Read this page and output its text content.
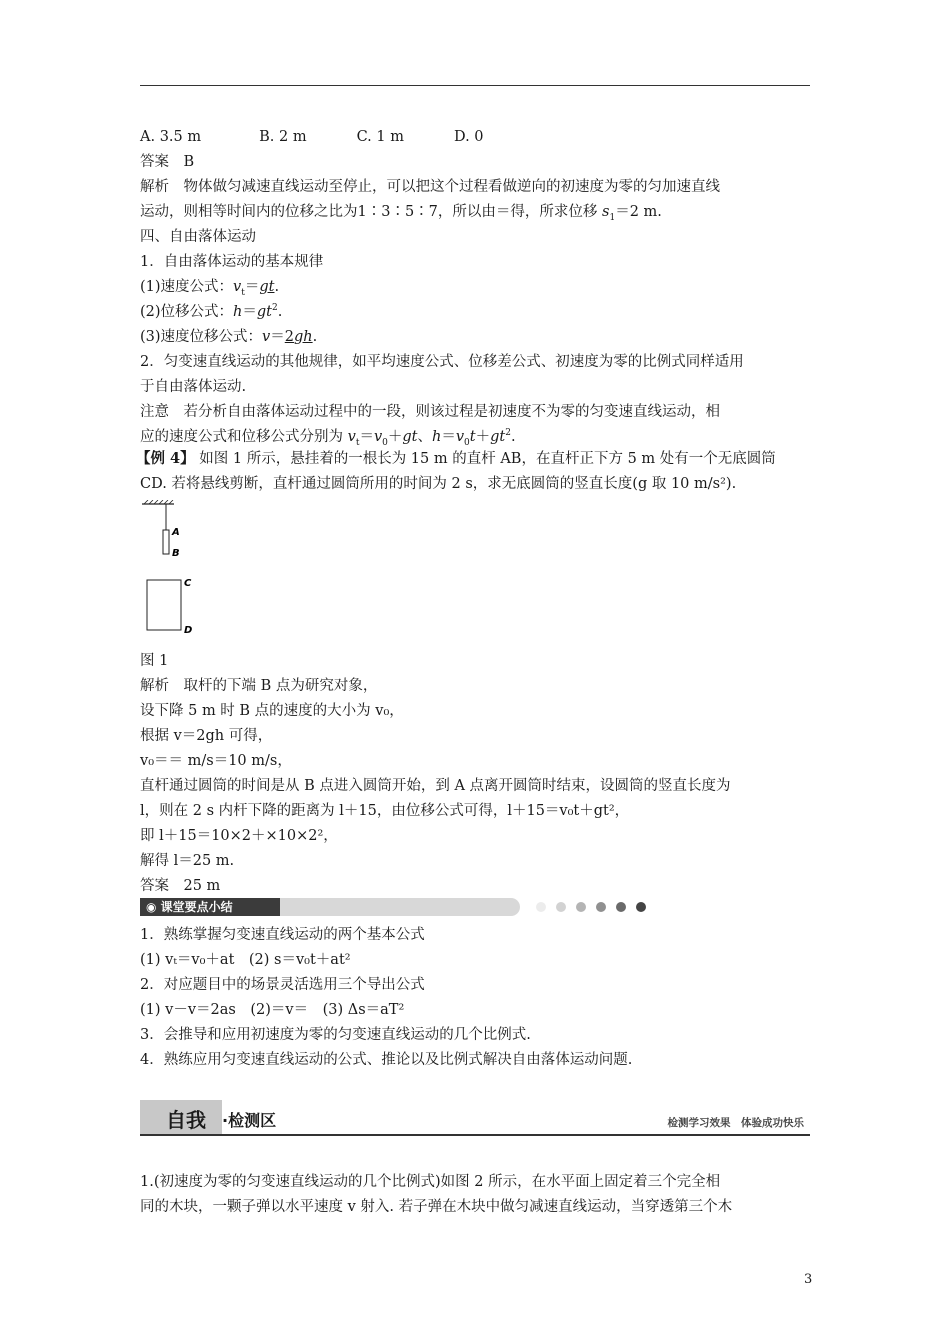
A. 3.5 m	B. 2 m	C. 1 m	D. 0
答案　B
解析　物体做匀减速直线运动至停止，可以把这个过程看做逆向的初速度为零的匀加速直线
运动，则相等时间内的位移之比为1∶3∶5∶7，所以由＝得，所求位移 $s_1=2$ m.
四、自由落体运动
1．自由落体运动的基本规律
(1)速度公式：$v_t=gt$.
(2)位移公式：$h=gt^2$.
(3)速度位移公式：v＝2gh.
2．匀变速直线运动的其他规律，如平均速度公式、位移差公式、初速度为零的比例式同样适用
于自由落体运动.
注意　若分析自由落体运动过程中的一段，则该过程是初速度不为零的匀变速直线运动，相
应的速度公式和位移公式分别为 $v_t=v_0+gt$、$h=v_0t+gt^2$.
【例 4】 如图 1 所示，悬挂着的一根长为 15 m 的直杆 AB，在直杆正下方 5 m 处有一个无底圆筒
CD. 若将悬线剪断，直杆通过圆筒所用的时间为 2 s，求无底圆筒的竖直长度(g 取 10 m/s²).
A
B
C
D
图 1
解析　取杆的下端 B 点为研究对象，
设下降 5 m 时 B 点的速度的大小为 v₀，
根据 v＝2gh 可得，
v₀＝＝ m/s＝10 m/s，
直杆通过圆筒的时间是从 B 点进入圆筒开始，到 A 点离开圆筒时结束，设圆筒的竖直长度为
l，则在 2 s 内杆下降的距离为 l＋15，由位移公式可得，l＋15＝v₀t＋gt²，
即 l＋15＝10×2＋×10×2²，
解得 l＝25 m.
答案　25 m
◉ 课堂要点小结
1．熟练掌握匀变速直线运动的两个基本公式
(1) vₜ＝v₀＋at　(2) s＝v₀t＋at²
2．对应题目中的场景灵活选用三个导出公式
(1) v－v＝2as　(2)＝v＝　(3) Δs＝aT²
3．会推导和应用初速度为零的匀变速直线运动的几个比例式.
4．熟练应用匀变速直线运动的公式、推论以及比例式解决自由落体运动问题.
自我 ·检测区	检测学习效果　体验成功快乐
1.(初速度为零的匀变速直线运动的几个比例式)如图 2 所示，在水平面上固定着三个完全相
同的木块，一颗子弹以水平速度 v 射入. 若子弹在木块中做匀减速直线运动，当穿透第三个木
3
